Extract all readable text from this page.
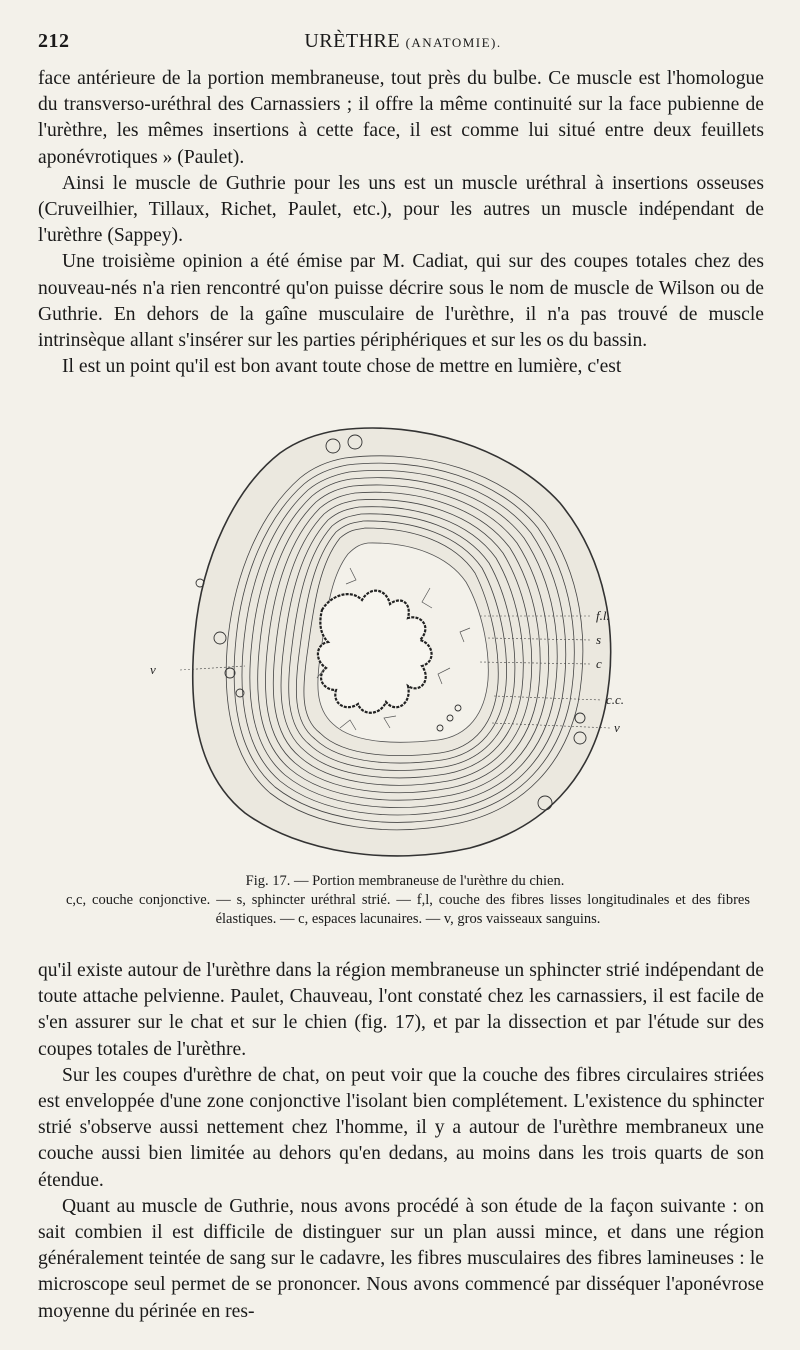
212	URÈTHRE (ANATOMIE).

face antérieure de la portion membraneuse, tout près du bulbe. Ce muscle est l'homologue du transverso-uréthral des Carnassiers ; il offre la même continuité sur la face pubienne de l'urèthre, les mêmes insertions à cette face, il est comme lui situé entre deux feuillets aponévrotiques » (Paulet).

Ainsi le muscle de Guthrie pour les uns est un muscle uréthral à insertions osseuses (Cruveilhier, Tillaux, Richet, Paulet, etc.), pour les autres un muscle indépendant de l'urèthre (Sappey).

Une troisième opinion a été émise par M. Cadiat, qui sur des coupes totales chez des nouveau-nés n'a rien rencontré qu'on puisse décrire sous le nom de muscle de Wilson ou de Guthrie. En dehors de la gaîne musculaire de l'urèthre, il n'a pas trouvé de muscle intrinsèque allant s'insérer sur les parties périphériques et sur les os du bassin.

Il est un point qu'il est bon avant toute chose de mettre en lumière, c'est

f.l.
s
c
c.c.
v
v
Fig. 17. — Portion membraneuse de l'urèthre du chien.
c,c, couche conjonctive. — s, sphincter uréthral strié. — f,l, couche des fibres lisses longitudinales et des fibres élastiques. — c, espaces lacunaires. — v, gros vaisseaux sanguins.

qu'il existe autour de l'urèthre dans la région membraneuse un sphincter strié indépendant de toute attache pelvienne. Paulet, Chauveau, l'ont constaté chez les carnassiers, il est facile de s'en assurer sur le chat et sur le chien (fig. 17), et par la dissection et par l'étude sur des coupes totales de l'urèthre.

Sur les coupes d'urèthre de chat, on peut voir que la couche des fibres circulaires striées est enveloppée d'une zone conjonctive l'isolant bien complétement. L'existence du sphincter strié s'observe aussi nettement chez l'homme, il y a autour de l'urèthre membraneux une couche aussi bien limitée au dehors qu'en dedans, au moins dans les trois quarts de son étendue.

Quant au muscle de Guthrie, nous avons procédé à son étude de la façon suivante : on sait combien il est difficile de distinguer sur un plan aussi mince, et dans une région généralement teintée de sang sur le cadavre, les fibres musculaires des fibres lamineuses : le microscope seul permet de se prononcer. Nous avons commencé par disséquer l'aponévrose moyenne du périnée en res-
